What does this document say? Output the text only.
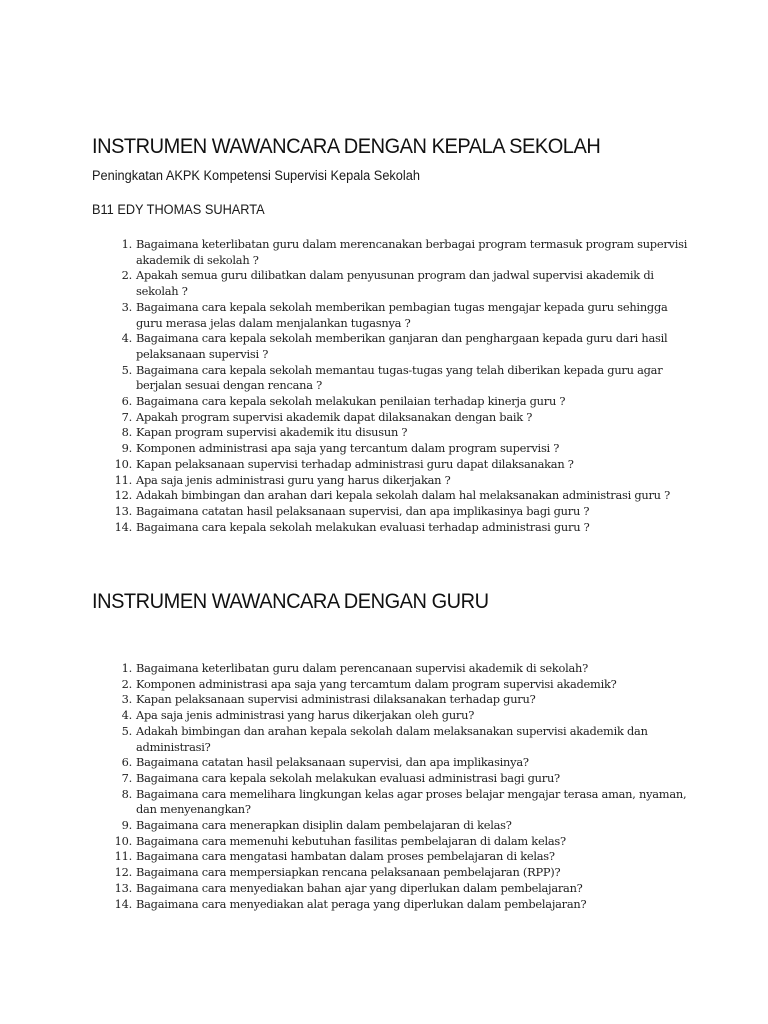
INSTRUMEN WAWANCARA DENGAN KEPALA SEKOLAH
Peningkatan AKPK Kompetensi Supervisi Kepala Sekolah
B11 EDY THOMAS SUHARTA
1. Bagaimana keterlibatan guru dalam merencanakan berbagai program termasuk program supervisi akademik di sekolah ?
2. Apakah semua guru dilibatkan dalam penyusunan program dan jadwal supervisi akademik di sekolah ?
3. Bagaimana cara kepala sekolah memberikan pembagian tugas mengajar kepada guru sehingga guru merasa jelas dalam menjalankan tugasnya ?
4. Bagaimana cara kepala sekolah memberikan ganjaran dan penghargaan kepada guru dari hasil pelaksanaan supervisi ?
5. Bagaimana cara kepala sekolah memantau tugas-tugas yang telah diberikan kepada guru agar berjalan sesuai dengan rencana ?
6. Bagaimana cara kepala sekolah melakukan penilaian terhadap kinerja guru ?
7. Apakah program supervisi akademik dapat dilaksanakan dengan baik ?
8. Kapan program supervisi akademik itu disusun ?
9. Komponen administrasi apa saja yang tercantum dalam program supervisi ?
10. Kapan pelaksanaan supervisi terhadap administrasi guru dapat dilaksanakan ?
11. Apa saja jenis administrasi guru yang harus dikerjakan ?
12. Adakah bimbingan dan arahan dari kepala sekolah dalam hal melaksanakan administrasi guru ?
13. Bagaimana catatan hasil pelaksanaan supervisi, dan apa implikasinya bagi guru ?
14. Bagaimana cara kepala sekolah melakukan evaluasi terhadap administrasi guru ?
INSTRUMEN WAWANCARA DENGAN GURU
1. Bagaimana keterlibatan guru dalam perencanaan supervisi akademik di sekolah?
2. Komponen administrasi apa saja yang tercamtum dalam program supervisi akademik?
3. Kapan pelaksanaan supervisi administrasi dilaksanakan terhadap guru?
4. Apa saja jenis administrasi yang harus dikerjakan oleh guru?
5. Adakah bimbingan dan arahan kepala sekolah dalam melaksanakan supervisi akademik dan administrasi?
6. Bagaimana catatan hasil pelaksanaan supervisi, dan apa implikasinya?
7. Bagaimana cara kepala sekolah melakukan evaluasi administrasi bagi guru?
8. Bagaimana cara memelihara lingkungan kelas agar proses belajar mengajar terasa aman, nyaman, dan menyenangkan?
9. Bagaimana cara menerapkan disiplin dalam pembelajaran di kelas?
10. Bagaimana cara memenuhi kebutuhan fasilitas pembelajaran di dalam kelas?
11. Bagaimana cara mengatasi hambatan dalam proses pembelajaran di kelas?
12. Bagaimana cara mempersiapkan rencana pelaksanaan pembelajaran (RPP)?
13. Bagaimana cara menyediakan bahan ajar yang diperlukan dalam pembelajaran?
14. Bagaimana cara menyediakan alat peraga yang diperlukan dalam pembelajaran?
